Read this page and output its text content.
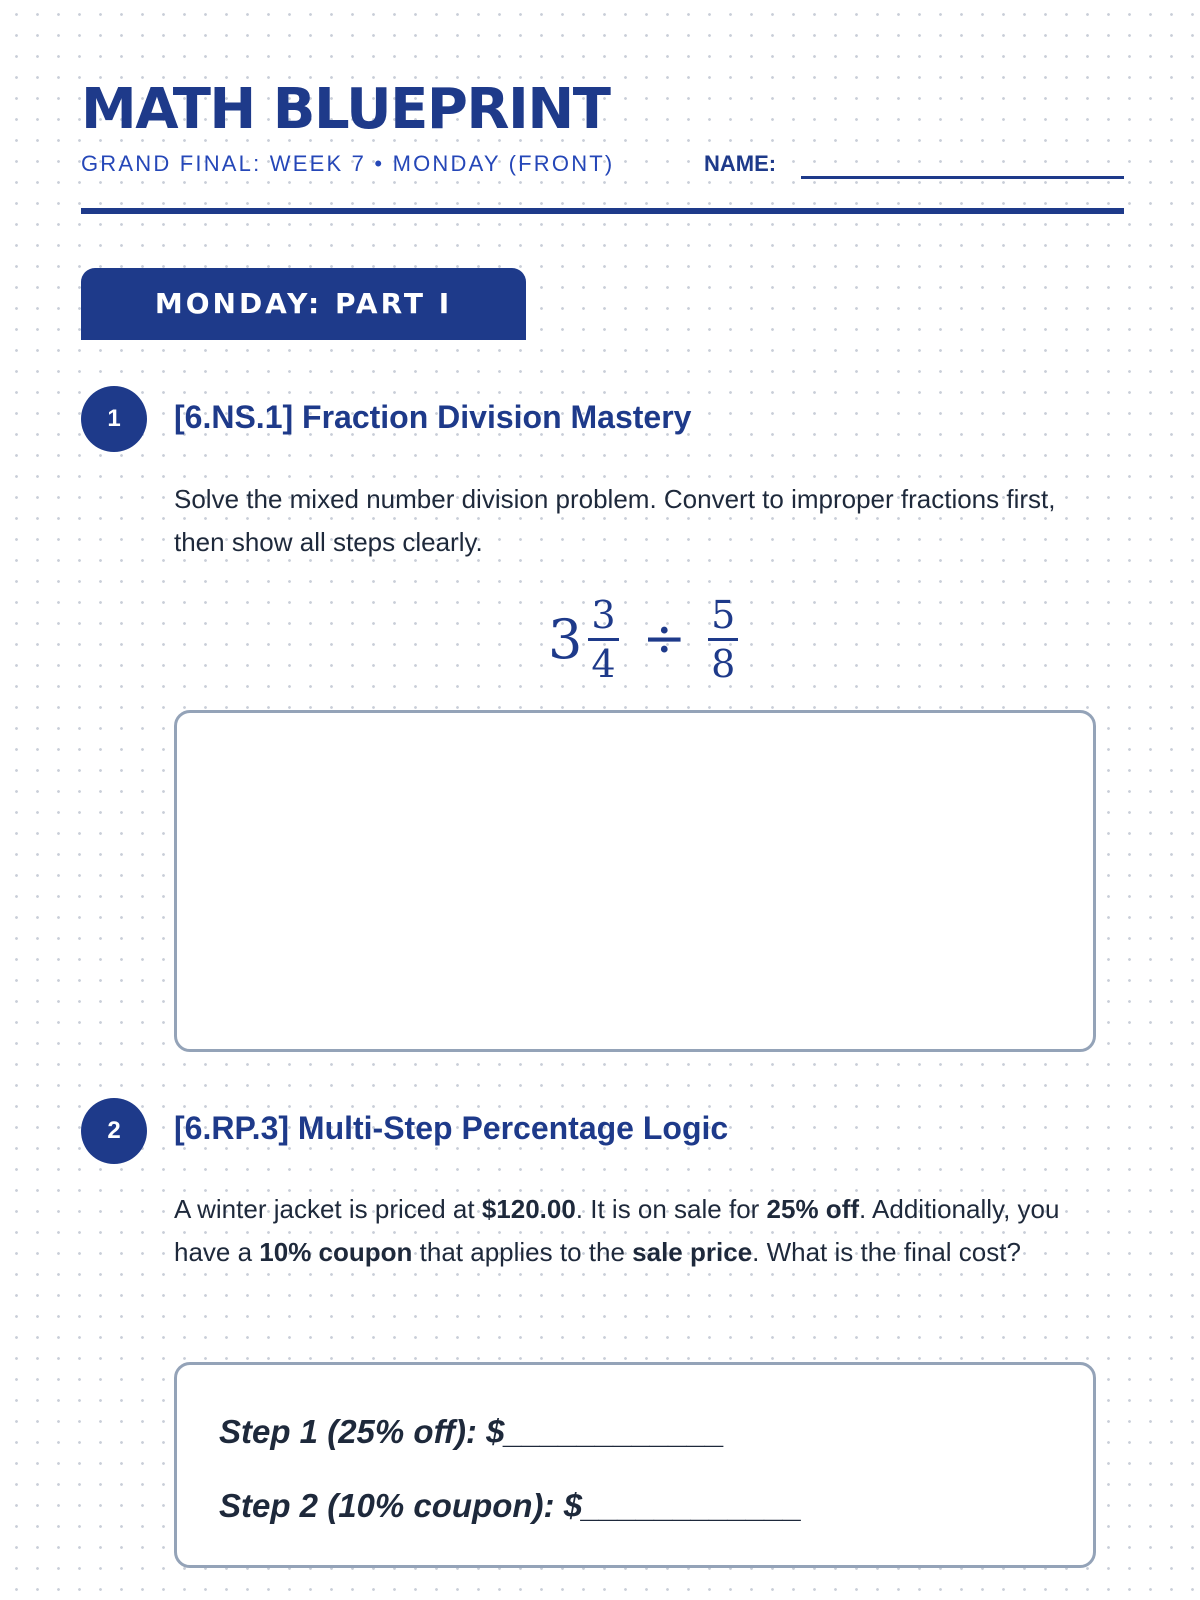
MATH BLUEPRINT
GRAND FINAL: WEEK 7 • MONDAY (FRONT)	NAME:
MONDAY: PART I
1	[6.NS.1] Fraction Division Mastery
Solve the mixed number division problem. Convert to improper fractions first, then show all steps clearly.
$3 \frac{3}{4} \div \frac{5}{8}$
2	[6.RP.3] Multi-Step Percentage Logic
A winter jacket is priced at $120.00. It is on sale for 25% off. Additionally, you have a 10% coupon that applies to the sale price. What is the final cost?
Step 1 (25% off): $____________
Step 2 (10% coupon): $____________
